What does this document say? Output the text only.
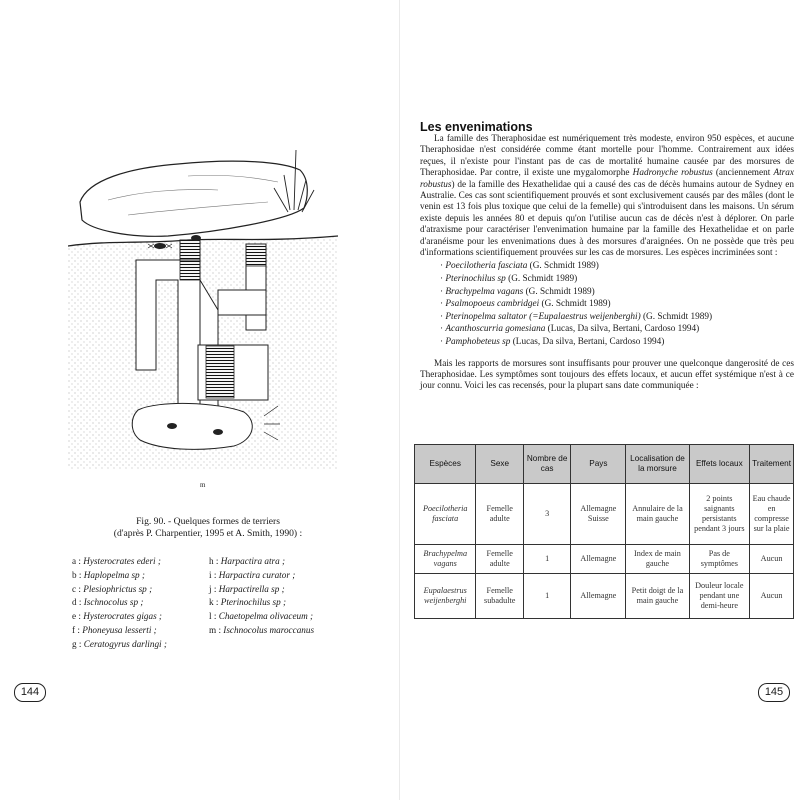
m
Fig. 90. - Quelques formes de terriers
(d'après P. Charpentier, 1995 et A. Smith, 1990) :
a : Hysterocrates ederi ;
b : Haplopelma sp ;
c : Plesiophrictus sp ;
d : Ischnocolus sp ;
e : Hysterocrates gigas ;
f : Phoneyusa lesserti ;
g : Ceratogyrus darlingi ;
h : Harpactira atra ;
i : Harpactira curator ;
j : Harpactirella sp ;
k : Pterinochilus sp ;
l : Chaetopelma olivaceum ;
m : Ischnocolus maroccanus
144
Les envenimations

La famille des Theraphosidae est numériquement très modeste, environ 950 espèces, et aucune Theraphosidae n'est considérée comme étant mortelle pour l'homme. Contrairement aux idées reçues, il n'existe pour l'instant pas de cas de mortalité humaine causée par des morsures de Theraphosidae. Par contre, il existe une mygalomorphe Hadronyche robustus (anciennement Atrax robustus) de la famille des Hexathelidae qui a causé des cas de décès humains autour de Sydney en Australie. Ces cas sont scientifiquement prouvés et sont exclusivement causés par des mâles (dont le venin est 13 fois plus toxique que celui de la femelle) qui s'introduisent dans les maisons. Un sérum existe depuis les années 80 et depuis qu'on l'utilise aucun cas de décès n'est à déplorer. On parle d'atraxisme pour caractériser l'envenimation humaine par la famille des Hexathelidae et on parle d'aranéisme pour les envenimations dues à des morsures d'araignées. On ne possède que très peu d'informations scientifiquement prouvées sur les cas de morsures. Les espèces incriminées sont :

· Poecilotheria fasciata (G. Schmidt 1989)
· Pterinochilus sp (G. Schmidt 1989)
· Brachypelma vagans (G. Schmidt 1989)
· Psalmopoeus cambridgei (G. Schmidt 1989)
· Pterinopelma saltator (=Eupalaestrus weijenberghi) (G. Schmidt 1989)
· Acanthoscurria gomesiana (Lucas, Da silva, Bertani, Cardoso 1994)
· Pamphobeteus sp (Lucas, Da silva, Bertani, Cardoso 1994)

Mais les rapports de morsures sont insuffisants pour prouver une quelconque dangerosité de ces Theraphosidae. Les symptômes sont toujours des effets locaux, et aucun effet systémique n'est à ce jour connu. Voici les cas recensés, pour la plupart sans date communiquée :

Espèces	Sexe	Nombre de cas	Pays	Localisation de la morsure	Effets locaux	Traitement
Poecilotheria fasciata	Femelle adulte	3	Allemagne Suisse	Annulaire de la main gauche	2 points saignants persistants pendant 3 jours	Eau chaude en compresse sur la plaie
Brachypelma vagans	Femelle adulte	1	Allemagne	Index de main gauche	Pas de symptômes	Aucun
Eupalaestrus weijenberghi	Femelle subadulte	1	Allemagne	Petit doigt de la main gauche	Douleur locale pendant une demi-heure	Aucun
145
